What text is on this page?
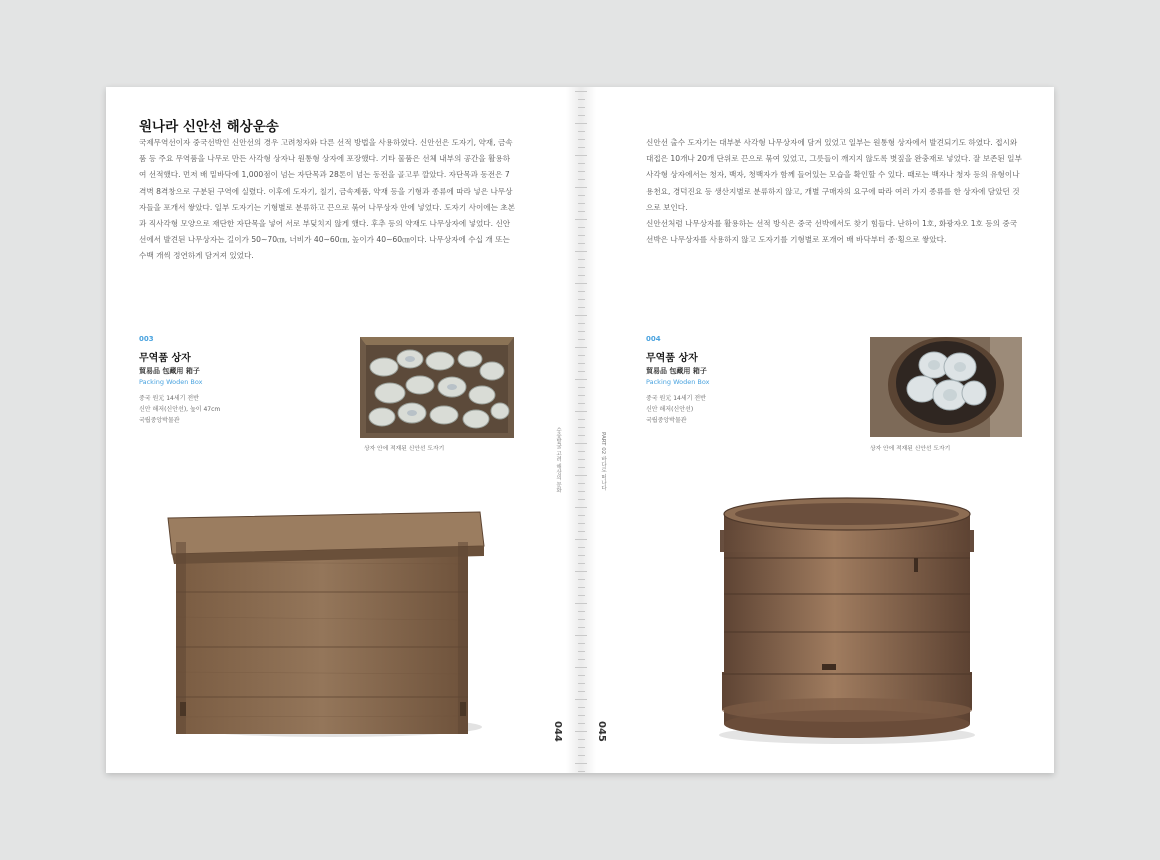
원나라 신안선 해상운송

국제무역선이자 중국선박인 신안선의 경우 고려청자와 다른 선적 방법을 사용하였다. 신안선은 도자기, 약재, 금속품 등 주요 무역품을 나무로 만든 사각형 상자나 원통형 상자에 포장했다. 기타 물품은 선체 내부의 공간을 활용하여 선적했다. 먼저 배 밑바닥에 1,000점이 넘는 자단목과 28톤이 넘는 동전을 골고루 깔았다. 자단목과 동전은 7격벽 8격창으로 구분된 구역에 실렸다. 이후에 도자기, 칠기, 금속제품, 약재 등을 기형과 종류에 따라 넣은 나무상자들을 포개서 쌓았다. 일부 도자기는 기형별로 분류하고 끈으로 묶어 나무상자 안에 넣었다. 도자기 사이에는 초본과 직사각형 모양으로 재단한 자단목을 넣어 서로 부딪치지 않게 했다. 후추 등의 약재도 나무상자에 넣었다. 신안선에서 발견된 나무상자는 길이가 50~70㎝, 너비가 40~60㎝, 높이가 40~60㎝이다. 나무상자에 수십 개 또는 수백 개씩 정연하게 담겨져 있었다.

003
무역품 상자
貿易品 包藏用 箱子
Packing Woden Box
중국 원元 14세기 전반
신안 해저(신안선), 높이 47cm
국립중앙박물관
상자 안에 적재된 신안선 도자기	수중발굴 고려 해상의 문화
044

신안선 출수 도자기는 대부분 사각형 나무상자에 담겨 있었고 일부는 원통형 상자에서 발견되기도 하였다. 접시와 대접은 10개나 20개 단위로 끈으로 묶여 있었고, 그릇들이 깨지지 않도록 볏짚을 완충재로 넣었다. 잘 보존된 일부 사각형 상자에서는 청자, 백자, 청백자가 함께 들어있는 모습을 확인할 수 있다. 때로는 백자나 청자 등의 유형이나 용천요, 경덕진요 등 생산지별로 분류하지 않고, 개별 구매자의 요구에 따라 여러 가지 종류를 한 상자에 담았던 것으로 보인다.

신안선처럼 나무상자를 활용하는 선적 방식은 중국 선박에서도 찾기 힘들다. 난하이 1호, 화광자오 1호 등의 중국 선박은 나무상자를 사용하지 않고 도자기를 기형별로 포개어 배 바닥부터 종·횡으로 쌓았다.

004
무역품 상자
貿易品 包藏用 箱子
Packing Woden Box
중국 원元 14세기 전반
신안 해저(신안선)
국립중앙박물관
상자 안에 적재된 신안선 도자기
PART 02 바다로 떠나다
045
